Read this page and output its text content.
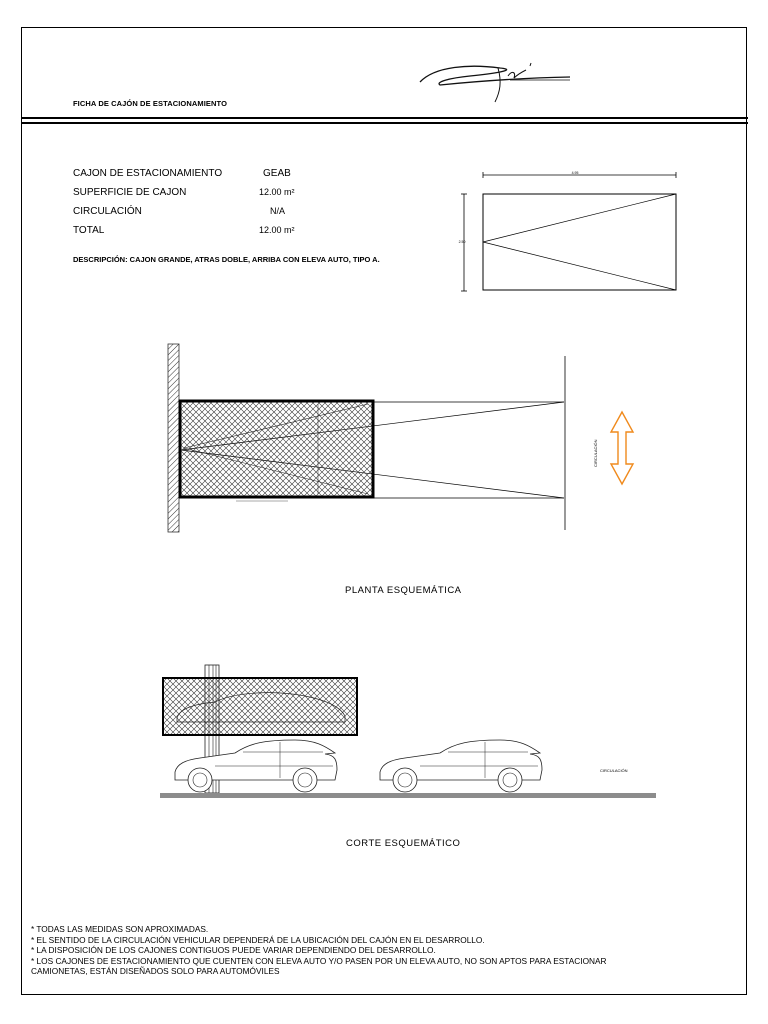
FICHA DE CAJÓN DE ESTACIONAMIENTO
CAJON DE ESTACIONAMIENTO	GEAB
SUPERFICIE DE CAJON	12.00 m²
CIRCULACIÓN	N/A
TOTAL	12.00 m²
DESCRIPCIÓN: CAJON GRANDE, ATRAS DOBLE, ARRIBA CON ELEVA AUTO, TIPO A.
4.95
2.50
CIRCULACIÓN
PLANTA ESQUEMÁTICA
CIRCULACIÓN
CORTE ESQUEMÁTICO
* TODAS LAS MEDIDAS SON APROXIMADAS.
* EL SENTIDO DE LA CIRCULACIÓN VEHICULAR DEPENDERÁ DE LA UBICACIÓN DEL CAJÓN EN EL DESARROLLO.
* LA DISPOSICIÓN DE LOS CAJONES CONTIGUOS PUEDE VARIAR DEPENDIENDO DEL DESARROLLO.
* LOS CAJONES DE ESTACIONAMIENTO QUE CUENTEN CON ELEVA AUTO Y/O PASEN POR UN ELEVA AUTO, NO SON APTOS PARA ESTACIONAR
CAMIONETAS, ESTÁN DISEÑADOS SOLO PARA AUTOMÓVILES
